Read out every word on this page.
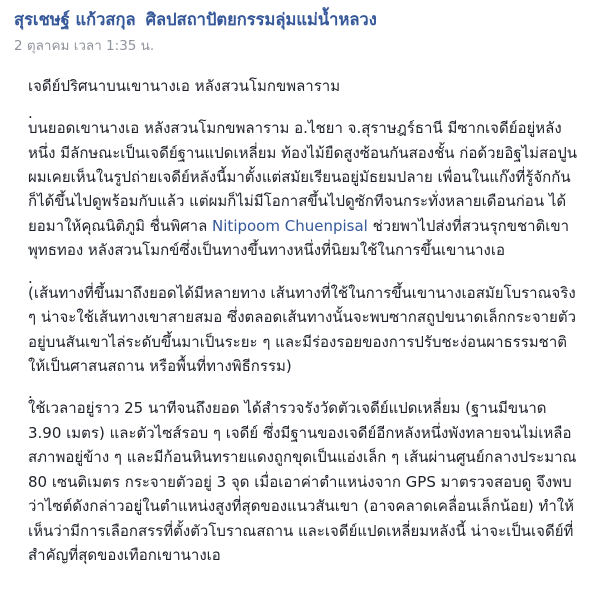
สุรเชษฐ์ แก้วสกุล ศิลปสถาปัตยกรรมลุ่มแม่น้ำหลวง
2 ตุลาคม เวลา 1:35 น.
เจดีย์ปริศนาบนเขานางเอ หลังสวนโมกขพลาราม
.
บนยอดเขานางเอ หลังสวนโมกขพลาราม อ.ไชยา จ.สุราษฎร์ธานี มีซากเจดีย์อยู่หลังหนึ่ง มีลักษณะเป็นเจดีย์ฐานแปดเหลี่ยม ท้องไม้ยืดสูงซ้อนกันสองชั้น ก่อด้วยอิฐไม่สอปูน ผมเคยเห็นในรูปถ่ายเจดีย์หลังนี้มาตั้งแต่สมัยเรียนอยู่มัธยมปลาย เพื่อนในแก๊งที่รู้จักกันก็ได้ขึ้นไปดูพร้อมกับแล้ว แต่ผมก็ไม่มีโอกาสขึ้นไปดูซักทีจนกระทั่งหลายเดือนก่อน ได้ยอมาให้คุณนิติภูมิ ชื่นพิศาล Nitipoom Chuenpisal ช่วยพาไปส่งที่สวนรุกขชาติเขาพุทธทอง หลังสวนโมกข์ซึ่งเป็นทางขึ้นทางหนึ่งที่นิยมใช้ในการขึ้นเขานางเอ
.
(เส้นทางที่ขึ้นมาถึงยอดได้มีหลายทาง เส้นทางที่ใช้ในการขึ้นเขานางเอสมัยโบราณจริง ๆ น่าจะใช้เส้นทางเขาสายสมอ ซึ่งตลอดเส้นทางนั้นจะพบซากสถูปขนาดเล็กกระจายตัวอยู่บนสันเขาไล่ระดับขึ้นมาเป็นระยะ ๆ และมีร่องรอยของการปรับชะง่อนผาธรรมชาติให้เป็นศาสนสถาน หรือพื้นที่ทางพิธีกรรม)
.
ใช้เวลาอยู่ราว 25 นาทีจนถึงยอด ได้สำรวจรังวัดตัวเจดีย์แปดเหลี่ยม (ฐานมีขนาด 3.90 เมตร) และตัวไซส์รอบ ๆ เจดีย์ ซึ่งมีฐานของเจดีย์อีกหลังหนึ่งพังทลายจนไม่เหลือสภาพอยู่ข้าง ๆ และมีก้อนหินทรายแดงถูกขุดเป็นแอ่งเล็ก ๆ เส้นผ่านศูนย์กลางประมาณ 80 เซนติเมตร กระจายตัวอยู่ 3 จุด เมื่อเอาค่าตำแหน่งจาก GPS มาตรวจสอบดู จึงพบว่าไซต์ดังกล่าวอยู่ในตำแหน่งสูงที่สุดของแนวสันเขา (อาจคลาดเคลื่อนเล็กน้อย) ทำให้เห็นว่ามีการเลือกสรรที่ตั้งตัวโบราณสถาน และเจดีย์แปดเหลี่ยมหลังนี้ น่าจะเป็นเจดีย์ที่สำคัญที่สุดของเทือกเขานางเอ
